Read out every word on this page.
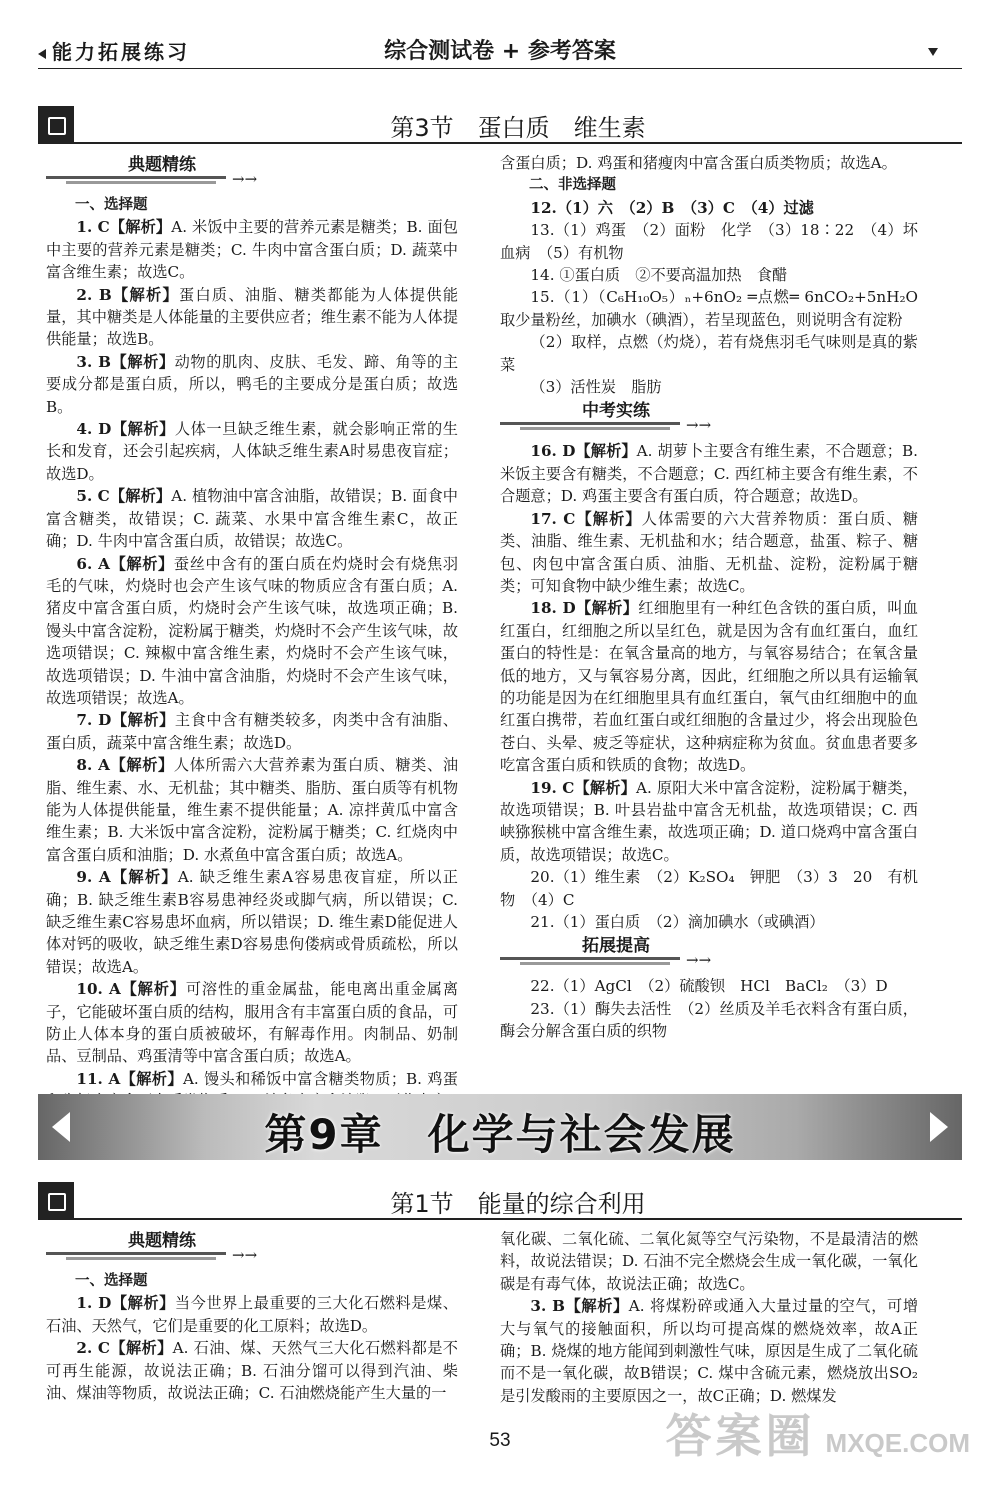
能力拓展练习	综合测试卷 + 参考答案
第3节　蛋白质　维生素
典题精练
→→

一、选择题

1. C【解析】A. 米饭中主要的营养元素是糖类；B. 面包中主要的营养元素是糖类；C. 牛肉中富含蛋白质；D. 蔬菜中富含维生素；故选C。

2. B【解析】蛋白质、油脂、糖类都能为人体提供能量，其中糖类是人体能量的主要供应者；维生素不能为人体提供能量；故选B。

3. B【解析】动物的肌肉、皮肤、毛发、蹄、角等的主要成分都是蛋白质，所以，鸭毛的主要成分是蛋白质；故选B。

4. D【解析】人体一旦缺乏维生素，就会影响正常的生长和发育，还会引起疾病，人体缺乏维生素A时易患夜盲症；故选D。

5. C【解析】A. 植物油中富含油脂，故错误；B. 面食中富含糖类，故错误；C. 蔬菜、水果中富含维生素C，故正确；D. 牛肉中富含蛋白质，故错误；故选C。

6. A【解析】蚕丝中含有的蛋白质在灼烧时会有烧焦羽毛的气味，灼烧时也会产生该气味的物质应含有蛋白质；A. 猪皮中富含蛋白质，灼烧时会产生该气味，故选项正确；B. 馒头中富含淀粉，淀粉属于糖类，灼烧时不会产生该气味，故选项错误；C. 辣椒中富含维生素，灼烧时不会产生该气味，故选项错误；D. 牛油中富含油脂，灼烧时不会产生该气味，故选项错误；故选A。

7. D【解析】主食中含有糖类较多，肉类中含有油脂、蛋白质，蔬菜中富含维生素；故选D。

8. A【解析】人体所需六大营养素为蛋白质、糖类、油脂、维生素、水、无机盐；其中糖类、脂肪、蛋白质等有机物能为人体提供能量，维生素不提供能量；A. 凉拌黄瓜中富含维生素；B. 大米饭中富含淀粉，淀粉属于糖类；C. 红烧肉中富含蛋白质和油脂；D. 水煮鱼中富含蛋白质；故选A。

9. A【解析】A. 缺乏维生素A容易患夜盲症，所以正确；B. 缺乏维生素B容易患神经炎或脚气病，所以错误；C. 缺乏维生素C容易患坏血病，所以错误；D. 维生素D能促进人体对钙的吸收，缺乏维生素D容易患佝偻病或骨质疏松，所以错误；故选A。

10. A【解析】可溶性的重金属盐，能电离出重金属离子，它能破坏蛋白质的结构，服用含有丰富蛋白质的食品，可防止人体本身的蛋白质被破坏，有解毒作用。肉制品、奶制品、豆制品、鸡蛋清等中富含蛋白质；故选A。

11. A【解析】A. 馒头和稀饭中富含糖类物质；B. 鸡蛋

含蛋白质；D. 鸡蛋和猪瘦肉中富含蛋白质类物质；故选A。

二、非选择题

12.（1）六　（2）B　（3）C　（4）过滤

13.（1）鸡蛋　（2）面粉　化学　（3）18∶22　（4）坏血病　（5）有机物

14. ①蛋白质　②不要高温加热　食醋

15.（1）（C₆H₁₀O₅）ₙ+6nO₂ ═点燃═ 6nCO₂+5nH₂O　取少量粉丝，加碘水（碘酒），若呈现蓝色，则说明含有淀粉

（2）取样，点燃（灼烧），若有烧焦羽毛气味则是真的紫菜

（3）活性炭　脂肪

中考实练
→→

16. D【解析】A. 胡萝卜主要含有维生素，不合题意；B. 米饭主要含有糖类，不合题意；C. 西红柿主要含有维生素，不合题意；D. 鸡蛋主要含有蛋白质，符合题意；故选D。

17. C【解析】人体需要的六大营养物质：蛋白质、糖类、油脂、维生素、无机盐和水；结合题意，盐蛋、粽子、糖包、肉包中富含蛋白质、油脂、无机盐、淀粉，淀粉属于糖类；可知食物中缺少维生素；故选C。

18. D【解析】红细胞里有一种红色含铁的蛋白质，叫血红蛋白，红细胞之所以呈红色，就是因为含有血红蛋白，血红蛋白的特性是：在氧含量高的地方，与氧容易结合；在氧含量低的地方，又与氧容易分离，因此，红细胞之所以具有运输氧的功能是因为在红细胞里具有血红蛋白，氧气由红细胞中的血红蛋白携带，若血红蛋白或红细胞的含量过少，将会出现脸色苍白、头晕、疲乏等症状，这种病症称为贫血。贫血患者要多吃富含蛋白质和铁质的食物；故选D。

19. C【解析】A. 原阳大米中富含淀粉，淀粉属于糖类，故选项错误；B. 叶县岩盐中富含无机盐，故选项错误；C. 西峡猕猴桃中富含维生素，故选项正确；D. 道口烧鸡中富含蛋白质，故选项错误；故选C。

20.（1）维生素　（2）K₂SO₄　钾肥　（3）3　20　有机物　（4）C

21.（1）蛋白质　（2）滴加碘水（或碘酒）

拓展提高
→→

22.（1）AgCl　（2）硫酸钡　HCl　BaCl₂　（3）D

23.（1）酶失去活性　（2）丝质及羊毛衣料含有蛋白质，酶会分解含蛋白质的织物

第9章　化学与社会发展
第1节　能量的综合利用
典题精练
→→

一、选择题

1. D【解析】当今世界上最重要的三大化石燃料是煤、石油、天然气，它们是重要的化工原料；故选D。

2. C【解析】A. 石油、煤、天然气三大化石燃料都是不可再生能源，故说法正确；B. 石油分馏可以得到汽油、柴油、煤油等物质，故说法正确；C. 石油燃烧能产生大量的一

氧化碳、二氧化硫、二氧化氮等空气污染物，不是最清洁的燃料，故说法错误；D. 石油不完全燃烧会生成一氧化碳，一氧化碳是有毒气体，故说法正确；故选C。

3. B【解析】A. 将煤粉碎或通入大量过量的空气，可增大与氧气的接触面积，所以均可提高煤的燃烧效率，故A正确；B. 烧煤的地方能闻到刺激性气味，原因是生成了二氧化硫而不是一氧化碳，故B错误；C. 煤中含硫元素，燃烧放出SO₂是引发酸雨的主要原因之一，故C正确；D. 燃煤发

53	答案圈 MXQE.COM
